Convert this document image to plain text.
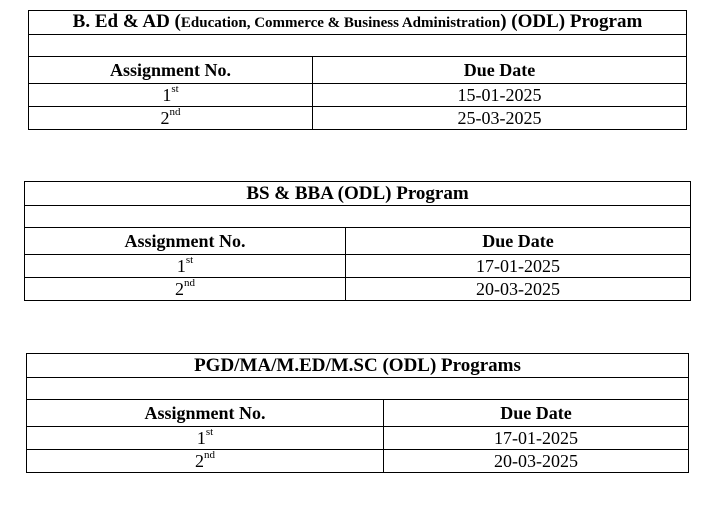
B. Ed & AD (Education, Commerce & Business Administration) (ODL) Program	

Assignment No.	Due Date
1st	15-01-2025
2nd	25-03-2025
BS & BBA (ODL) Program	

Assignment No.	Due Date
1st	17-01-2025
2nd	20-03-2025
PGD/MA/M.ED/M.SC (ODL) Programs	

Assignment No.	Due Date
1st	17-01-2025
2nd	20-03-2025
